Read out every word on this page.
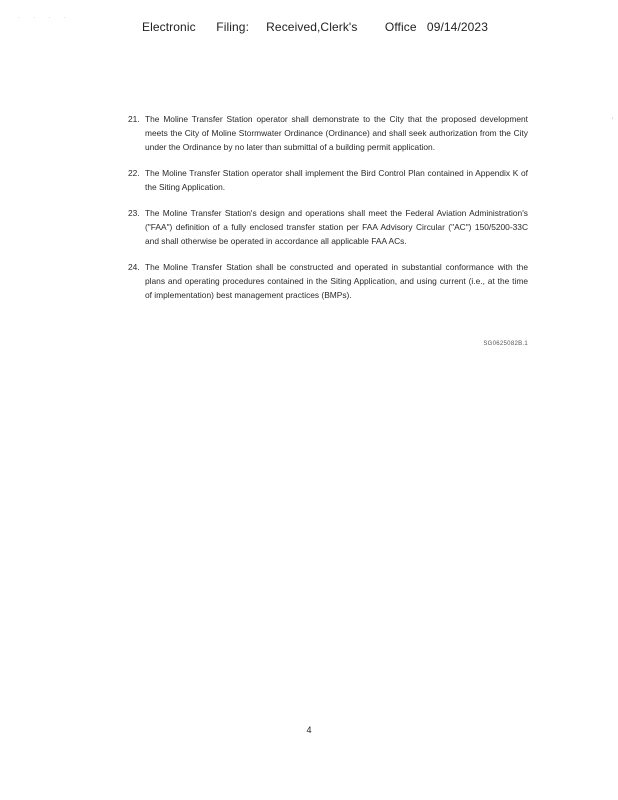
. . . .
'
Electronic      Filing:     Received,Clerk's        Office   09/14/2023
21. The Moline Transfer Station operator shall demonstrate to the City that the proposed development meets the City of Moline Stormwater Ordinance (Ordinance) and shall seek authorization from the City under the Ordinance by no later than submittal of a building permit application.
22. The Moline Transfer Station operator shall implement the Bird Control Plan contained in Appendix K of the Siting Application.
23. The Moline Transfer Station's design and operations shall meet the Federal Aviation Administration's ("FAA") definition of a fully enclosed transfer station per FAA Advisory Circular ("AC") 150/5200-33C and shall otherwise be operated in accordance all applicable FAA ACs.
24. The Moline Transfer Station shall be constructed and operated in substantial conformance with the plans and operating procedures contained in the Siting Application, and using current (i.e., at the time of implementation) best management practices (BMPs).
SG0625082B.1
4
